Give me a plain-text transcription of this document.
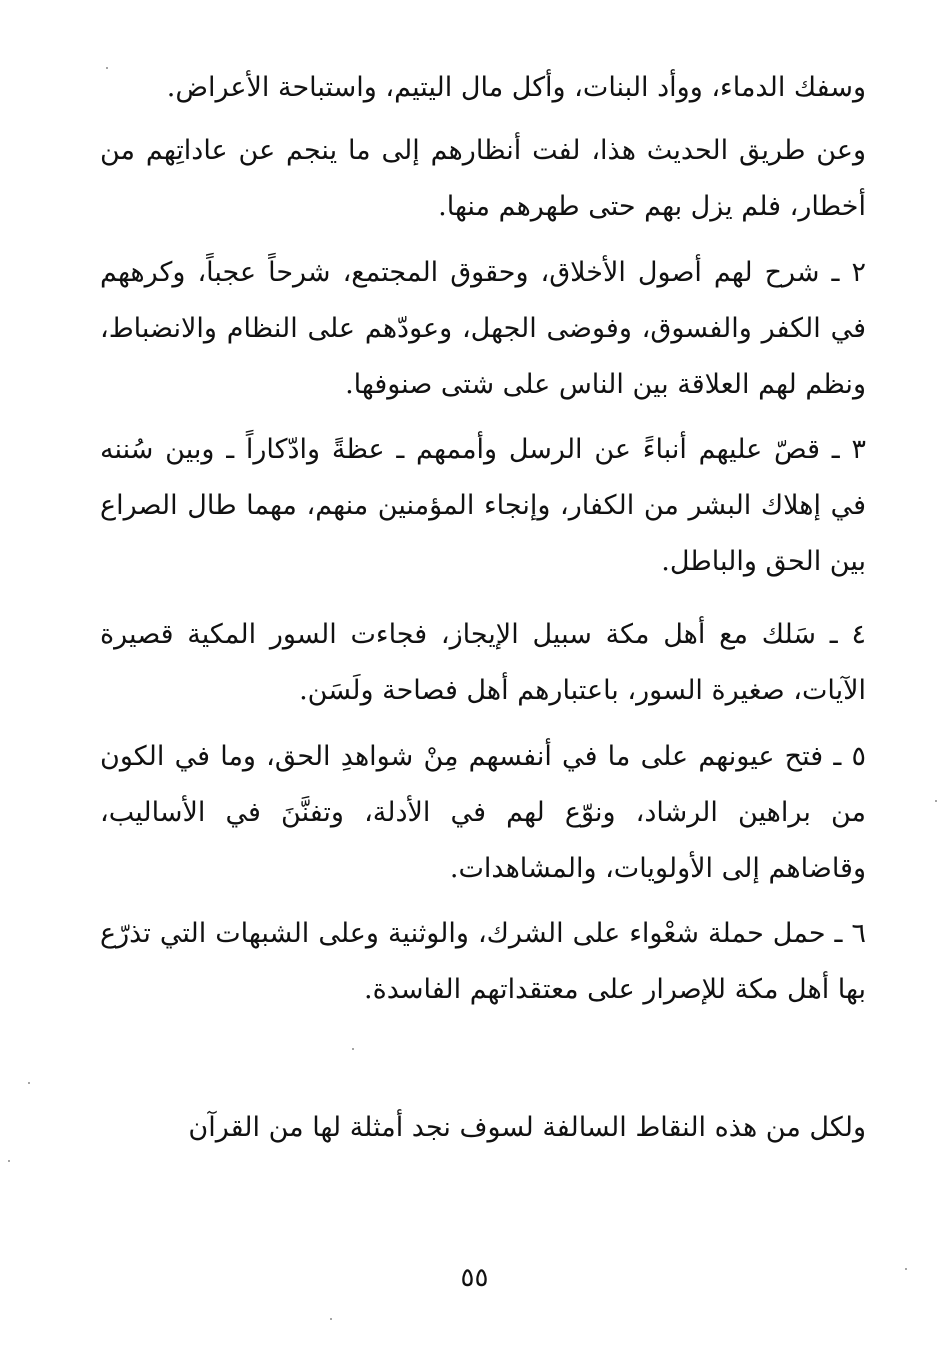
وسفك الدماء، ووأد البنات، وأكل مال اليتيم، واستباحة الأعراض.

وعن طريق الحديث هذا، لفت أنظارهم إلى ما ينجم عن عاداتِهم من أخطار، فلم يزل بهم حتى طهرهم منها.

٢ ـ شرح لهم أصول الأخلاق، وحقوق المجتمع، شرحاً عجباً، وكرههم في الكفر والفسوق، وفوضى الجهل، وعودّهم على النظام والانضباط، ونظم لهم العلاقة بين الناس على شتى صنوفها.

٣ ـ قصّ عليهم أنباءً عن الرسل وأممهم ـ عظةً وادّكاراً ـ وبين سُننه في إهلاك البشر من الكفار، وإنجاء المؤمنين منهم، مهما طال الصراع بين الحق والباطل.

٤ ـ سَلك مع أهل مكة سبيل الإيجاز، فجاءت السور المكية قصيرة الآيات، صغيرة السور، باعتبارهم أهل فصاحة ولَسَن.

٥ ـ فتح عيونهم على ما في أنفسهم مِنْ شواهدِ الحق، وما في الكون من براهين الرشاد، ونوّع لهم في الأدلة، وتفنَّنَ في الأساليب، وقاضاهم إلى الأولويات، والمشاهدات.

٦ ـ حمل حملة شعْواء على الشرك، والوثنية وعلى الشبهات التي تذرّع بها أهل مكة للإصرار على معتقداتهم الفاسدة.

ولكل من هذه النقاط السالفة لسوف نجد أمثلة لها من القرآن

٥٥
